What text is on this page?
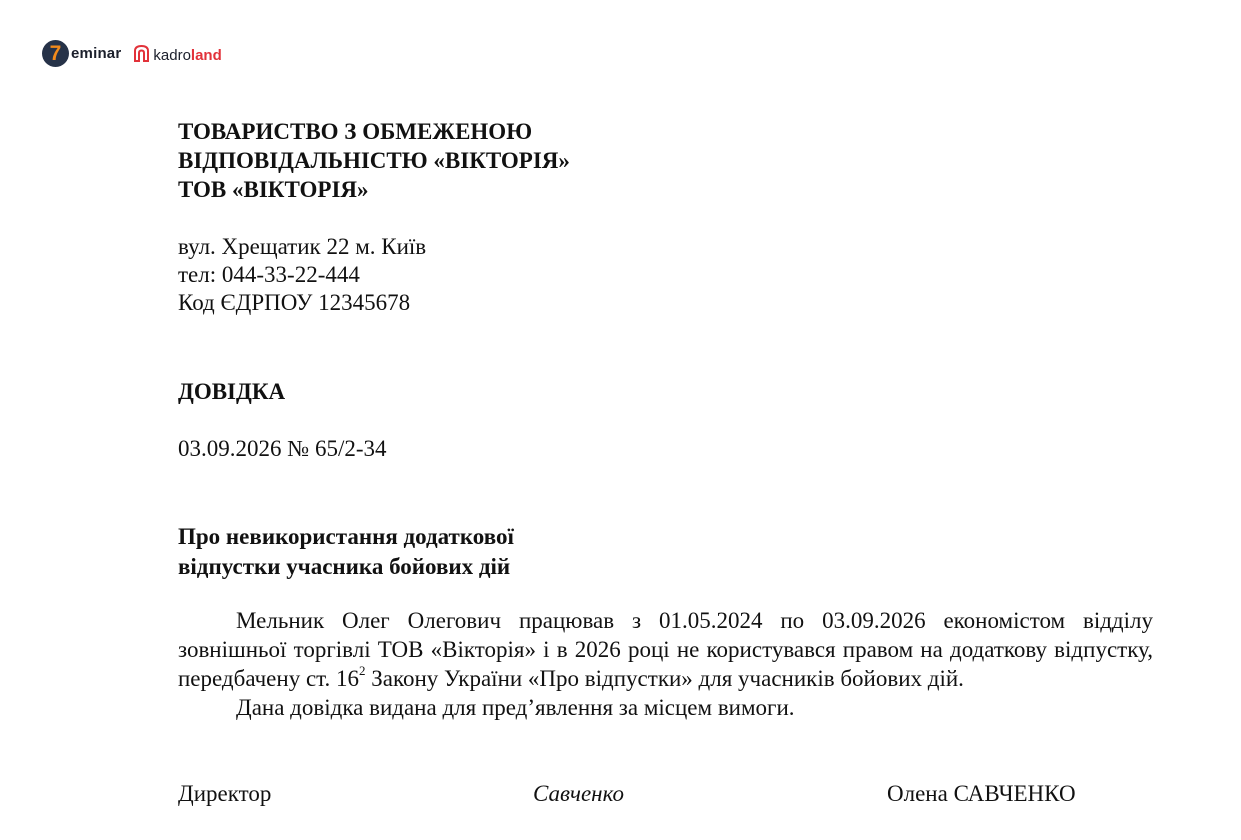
7 eminar kadroland
ТОВАРИСТВО З ОБМЕЖЕНОЮ
ВІДПОВІДАЛЬНІСТЮ «ВІКТОРІЯ»
ТОВ «ВІКТОРІЯ»
вул. Хрещатик 22 м. Київ
тел: 044-33-22-444
Код ЄДРПОУ 12345678
ДОВІДКА
03.09.2026 № 65/2-34
Про невикористання додаткової
відпустки учасника бойових дій

Мельник Олег Олегович працював з 01.05.2024 по 03.09.2026 економістом відділу зовнішньої торгівлі ТОВ «Вікторія» і в 2026 році не користувався правом на додаткову відпустку, передбачену ст. $16^2$ Закону України «Про відпустки» для учасників бойових дій.

Дана довідка видана для пред’явлення за місцем вимоги.

Директор	Савченко	Олена САВЧЕНКО
